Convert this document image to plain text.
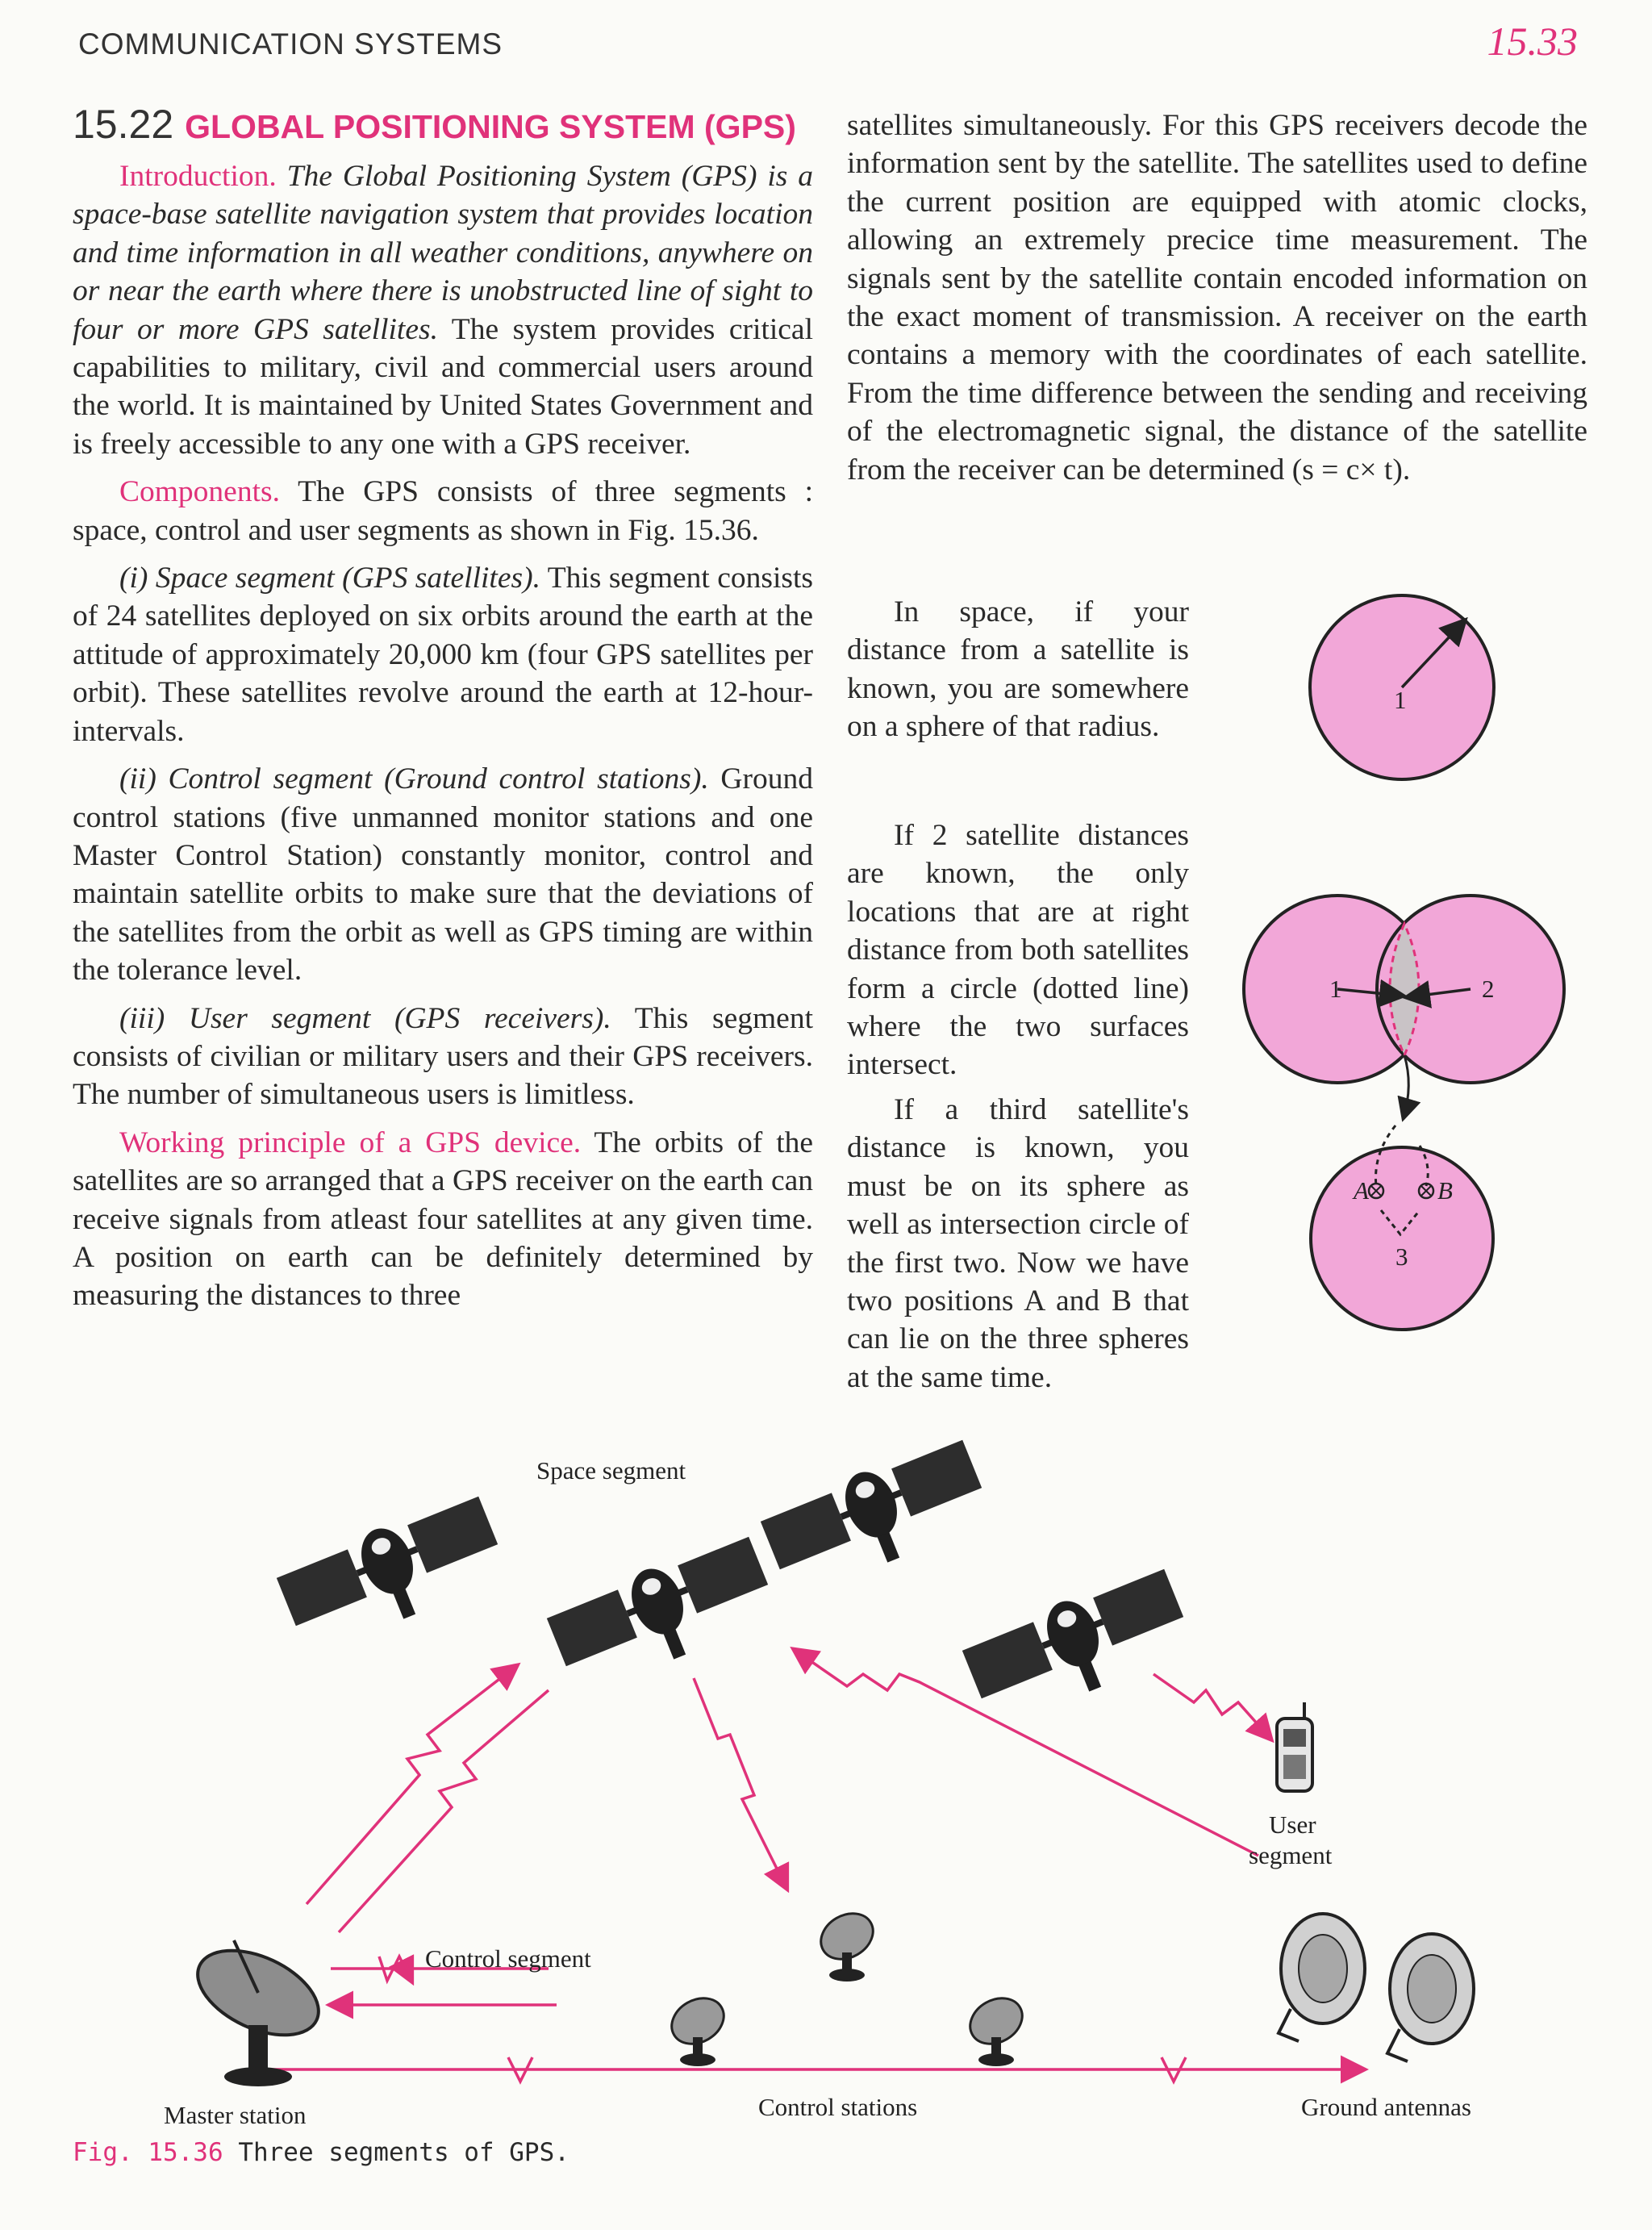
COMMUNICATION SYSTEMS	15.33

15.22 GLOBAL POSITIONING SYSTEM (GPS)

Introduction. The Global Positioning System (GPS) is a space-base satellite navigation system that provides location and time information in all weather conditions, anywhere on or near the earth where there is unobstructed line of sight to four or more GPS satellites. The system provides critical capabilities to military, civil and commercial users around the world. It is maintained by United States Government and is freely accessible to any one with a GPS receiver.

Components. The GPS consists of three segments : space, control and user segments as shown in Fig. 15.36.

(i) Space segment (GPS satellites). This segment consists of 24 satellites deployed on six orbits around the earth at the attitude of approximately 20,000 km (four GPS satellites per orbit). These satellites revolve around the earth at 12-hour-intervals.

(ii) Control segment (Ground control stations). Ground control stations (five unmanned monitor stations and one Master Control Station) constantly monitor, control and maintain satellite orbits to make sure that the deviations of the satellites from the orbit as well as GPS timing are within the tolerance level.

(iii) User segment (GPS receivers). This segment consists of civilian or military users and their GPS receivers. The number of simultaneous users is limitless.

Working principle of a GPS device. The orbits of the satellites are so arranged that a GPS receiver on the earth can receive signals from atleast four satellites at any given time. A position on earth can be definitely determined by measuring the distances to three

satellites simultaneously. For this GPS receivers decode the information sent by the satellite. The satellites used to define the current position are equipped with atomic clocks, allowing an extremely precice time measurement. The signals sent by the satellite contain encoded information on the exact moment of transmission. A receiver on the earth contains a memory with the coordinates of each satellite. From the time difference between the sending and receiving of the electromagnetic signal, the distance of the satellite from the receiver can be determined (s = c× t).

In space, if your distance from a satellite is known, you are somewhere on a sphere of that radius.

If 2 satellite distances are known, the only locations that are at right distance from both satellites form a circle (dotted line) where the two surfaces intersect.

If a third satellite's distance is known, you must be on its sphere as well as intersection circle of the first two. Now we have two positions A and B that can lie on the three spheres at the same time.

1
1	2
3
A	B
Space segment
Control segment
User
segment
Master station	Control stations	Ground antennas
Fig. 15.36 Three segments of GPS.
